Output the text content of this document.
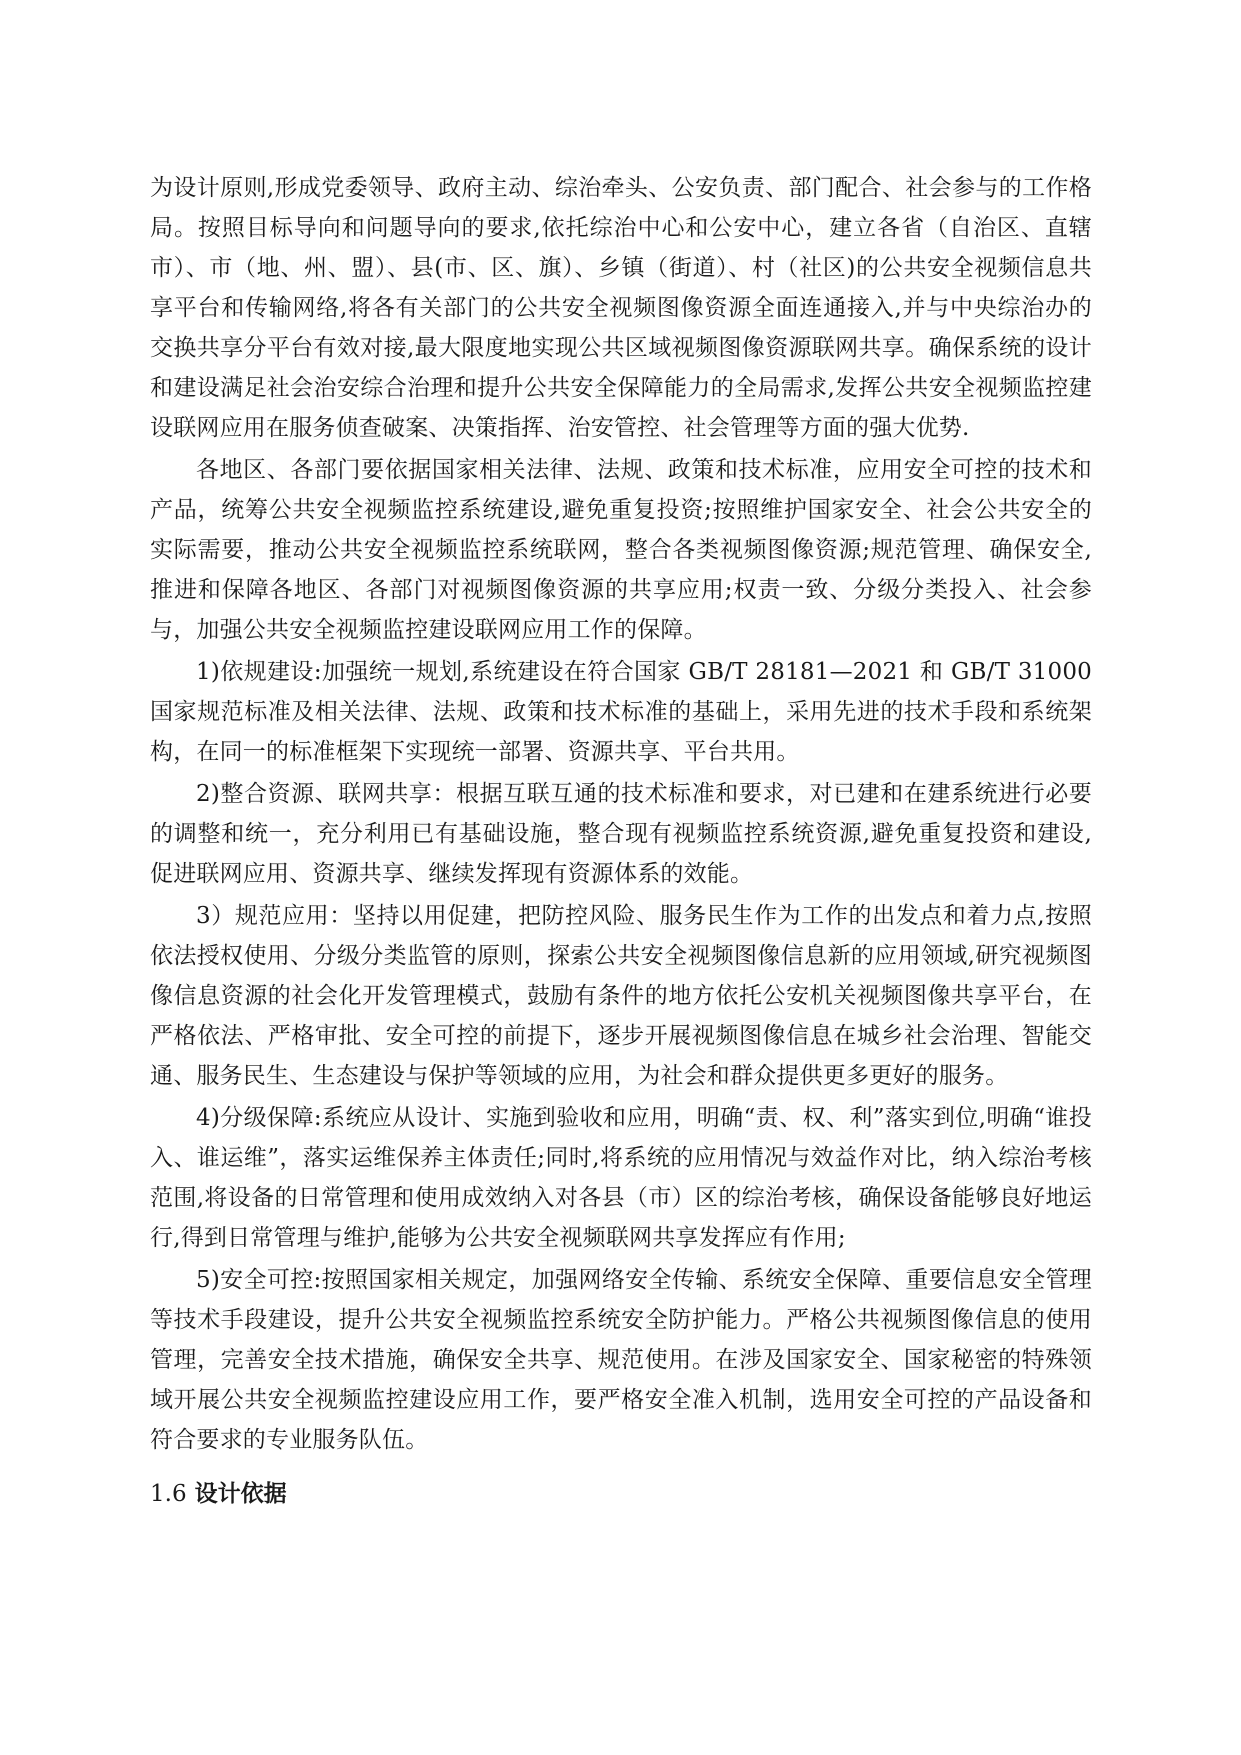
为设计原则,形成党委领导、政府主动、综治牵头、公安负责、部门配合、社会参与的工作格局。按照目标导向和问题导向的要求,依托综治中心和公安中心，建立各省（自治区、直辖市）、市（地、州、盟）、县(市、区、旗）、乡镇（街道）、村（社区)的公共安全视频信息共享平台和传输网络,将各有关部门的公共安全视频图像资源全面连通接入,并与中央综治办的交换共享分平台有效对接,最大限度地实现公共区域视频图像资源联网共享。确保系统的设计和建设满足社会治安综合治理和提升公共安全保障能力的全局需求,发挥公共安全视频监控建设联网应用在服务侦查破案、决策指挥、治安管控、社会管理等方面的强大优势.

各地区、各部门要依据国家相关法律、法规、政策和技术标准，应用安全可控的技术和产品，统筹公共安全视频监控系统建设,避免重复投资;按照维护国家安全、社会公共安全的实际需要，推动公共安全视频监控系统联网，整合各类视频图像资源;规范管理、确保安全,推进和保障各地区、各部门对视频图像资源的共享应用;权责一致、分级分类投入、社会参与，加强公共安全视频监控建设联网应用工作的保障。

1)依规建设:加强统一规划,系统建设在符合国家 GB/T 28181—2021 和 GB/T 31000 国家规范标准及相关法律、法规、政策和技术标准的基础上，采用先进的技术手段和系统架构，在同一的标准框架下实现统一部署、资源共享、平台共用。

2)整合资源、联网共享：根据互联互通的技术标准和要求，对已建和在建系统进行必要的调整和统一，充分利用已有基础设施，整合现有视频监控系统资源,避免重复投资和建设,促进联网应用、资源共享、继续发挥现有资源体系的效能。

3）规范应用：坚持以用促建，把防控风险、服务民生作为工作的出发点和着力点,按照依法授权使用、分级分类监管的原则，探索公共安全视频图像信息新的应用领域,研究视频图像信息资源的社会化开发管理模式，鼓励有条件的地方依托公安机关视频图像共享平台，在严格依法、严格审批、安全可控的前提下，逐步开展视频图像信息在城乡社会治理、智能交通、服务民生、生态建设与保护等领域的应用，为社会和群众提供更多更好的服务。

4)分级保障:系统应从设计、实施到验收和应用，明确“责、权、利”落实到位,明确“谁投入、谁运维”，落实运维保养主体责任;同时,将系统的应用情况与效益作对比，纳入综治考核范围,将设备的日常管理和使用成效纳入对各县（市）区的综治考核，确保设备能够良好地运行,得到日常管理与维护,能够为公共安全视频联网共享发挥应有作用;

5)安全可控:按照国家相关规定，加强网络安全传输、系统安全保障、重要信息安全管理等技术手段建设，提升公共安全视频监控系统安全防护能力。严格公共视频图像信息的使用管理，完善安全技术措施，确保安全共享、规范使用。在涉及国家安全、国家秘密的特殊领域开展公共安全视频监控建设应用工作，要严格安全准入机制，选用安全可控的产品设备和符合要求的专业服务队伍。

1.6 设计依据
